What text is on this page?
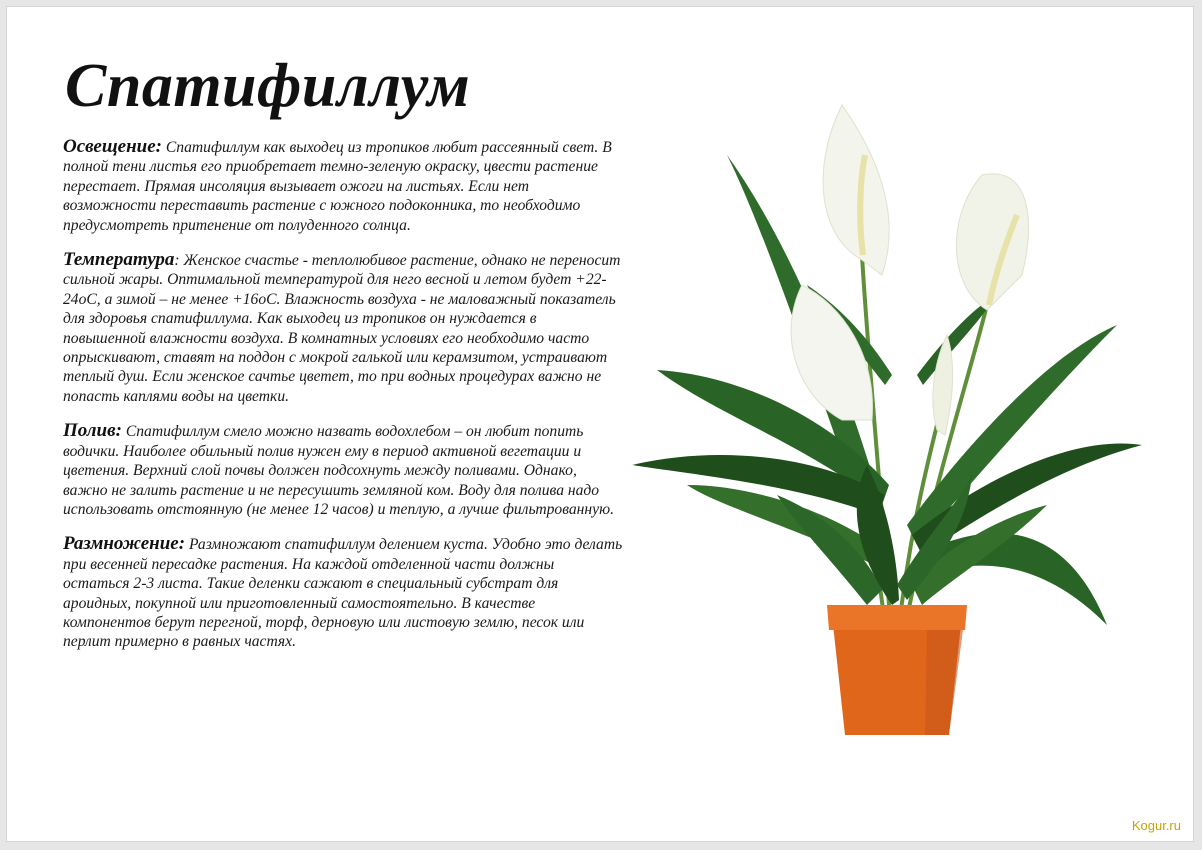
Спатифиллум

Освещение: Спатифиллум как выходец из тропиков любит рассеянный свет. В полной тени листья его приобретает темно-зеленую окраску, цвести растение перестает. Прямая инсоляция вызывает ожоги на листьях. Если нет возможности переставить растение с южного подоконника, то необходимо предусмотреть притенение от полуденного солнца.

Температура: Женское счастье - теплолюбивое растение, однако не переносит сильной жары. Оптимальной температурой для него весной и летом будет +22-24оС, а зимой – не менее +16оС. Влажность воздуха - не маловажный показатель для здоровья спатифиллума. Как выходец из тропиков он нуждается в повышенной влажности воздуха. В комнатных условиях его необходимо часто опрыскивают, ставят на поддон с мокрой галькой или керамзитом, устраивают теплый душ. Если женское сачтье цветет, то при водных процедурах важно не попасть каплями воды на цветки.

Полив: Спатифиллум смело можно назвать водохлебом – он любит попить водички. Наиболее обильный полив нужен ему в период активной вегетации и цветения. Верхний слой почвы должен подсохнуть между поливами. Однако, важно не залить растение и не пересушить земляной ком. Воду для полива надо использовать отстоянную (не менее 12 часов) и теплую, а лучше фильтрованную.

Размножение: Размножают спатифиллум делением куста. Удобно это делать при весенней пересадке растения. На каждой отделенной части должны остаться 2-3 листа. Такие деленки сажают в специальный субстрат для ароидных, покупной или приготовленный самостоятельно. В качестве компонентов берут перегной, торф, дерновую или листовую землю, песок или перлит примерно в равных частях.

Kogur.ru
